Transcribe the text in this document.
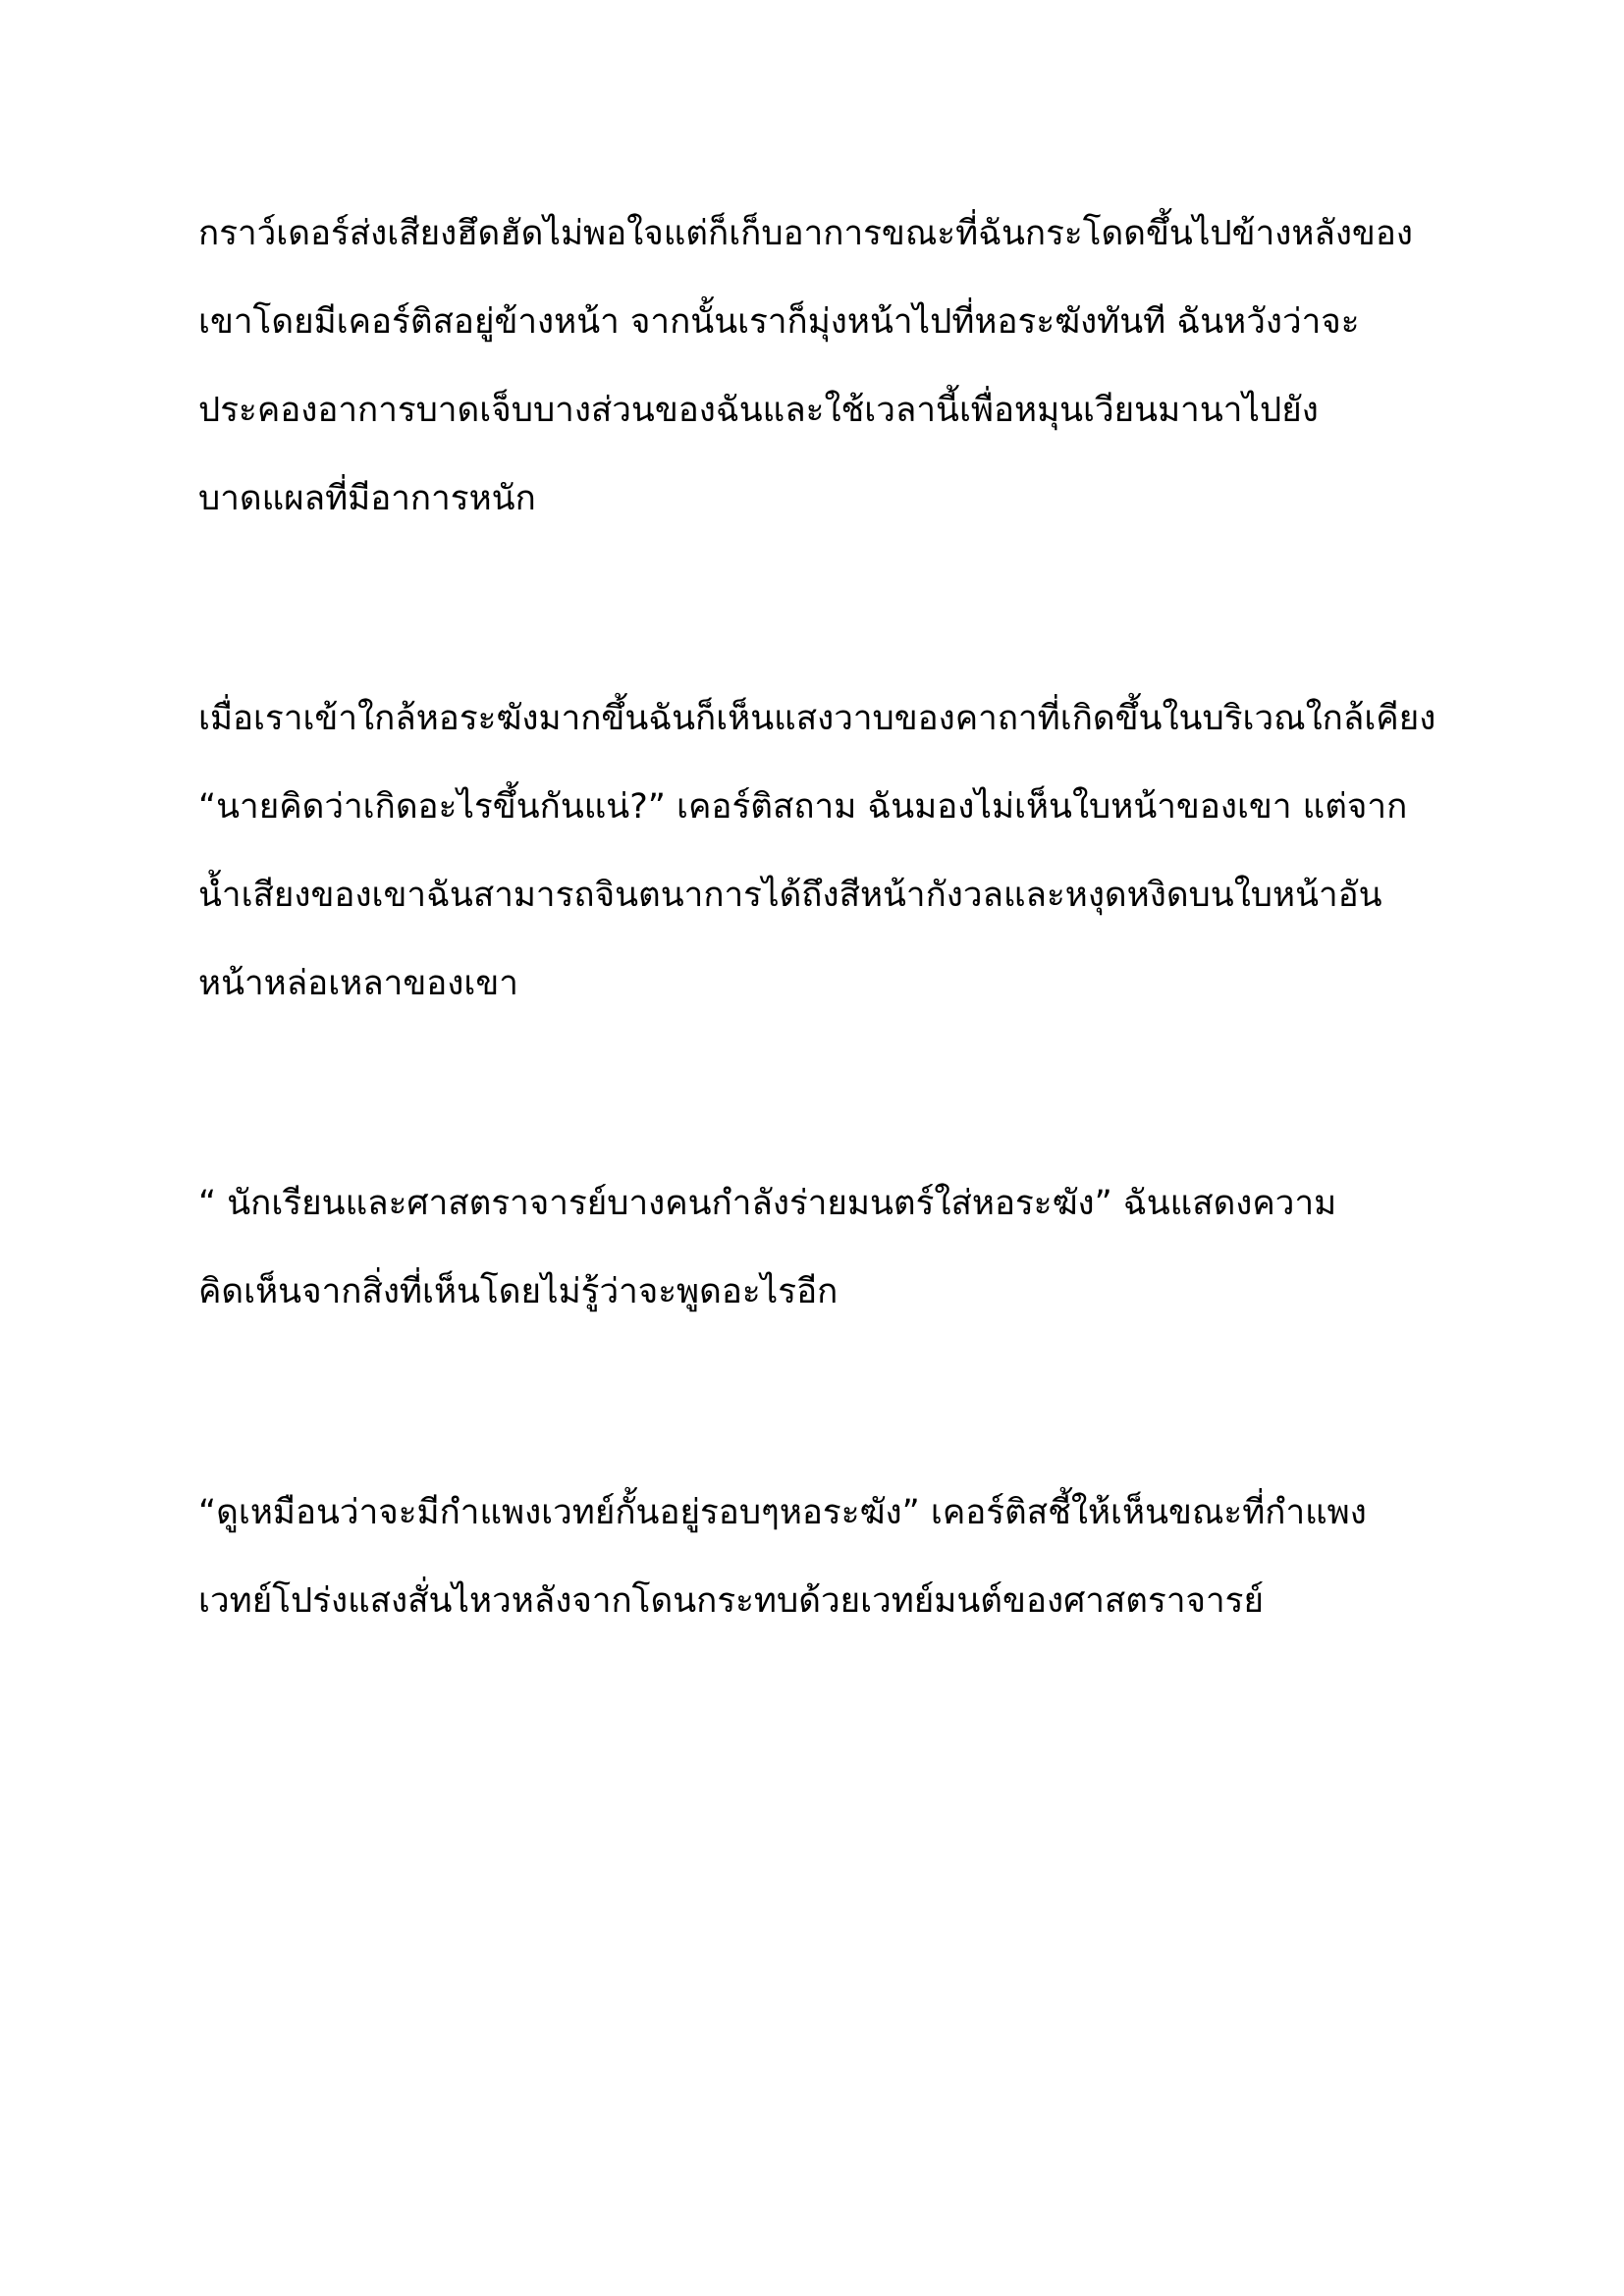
กราว์เดอร์ส่งเสียงฮึดฮัดไม่พอใจแต่ก็เก็บอาการขณะที่ฉันกระโดดขึ้นไปข้างหลังของ
เขาโดยมีเคอร์ติสอยู่ข้างหน้า จากนั้นเราก็มุ่งหน้าไปที่หอระฆังทันที ฉันหวังว่าจะ
ประคองอาการบาดเจ็บบางส่วนของฉันและใช้เวลานี้เพื่อหมุนเวียนมานาไปยัง
บาดแผลที่มีอาการหนัก
เมื่อเราเข้าใกล้หอระฆังมากขึ้นฉันก็เห็นแสงวาบของคาถาที่เกิดขึ้นในบริเวณใกล้เคียง
“นายคิดว่าเกิดอะไรขึ้นกันแน่?” เคอร์ติสถาม ฉันมองไม่เห็นใบหน้าของเขา แต่จาก
น้ำเสียงของเขาฉันสามารถจินตนาการได้ถึงสีหน้ากังวลและหงุดหงิดบนใบหน้าอัน
หน้าหล่อเหลาของเขา
“ นักเรียนและศาสตราจารย์บางคนกำลังร่ายมนตร์ใส่หอระฆัง” ฉันแสดงความ
คิดเห็นจากสิ่งที่เห็นโดยไม่รู้ว่าจะพูดอะไรอีก
“ดูเหมือนว่าจะมีกำแพงเวทย์กั้นอยู่รอบๆหอระฆัง” เคอร์ติสชี้ให้เห็นขณะที่กำแพง
เวทย์โปร่งแสงสั่นไหวหลังจากโดนกระทบด้วยเวทย์มนต์ของศาสตราจารย์
